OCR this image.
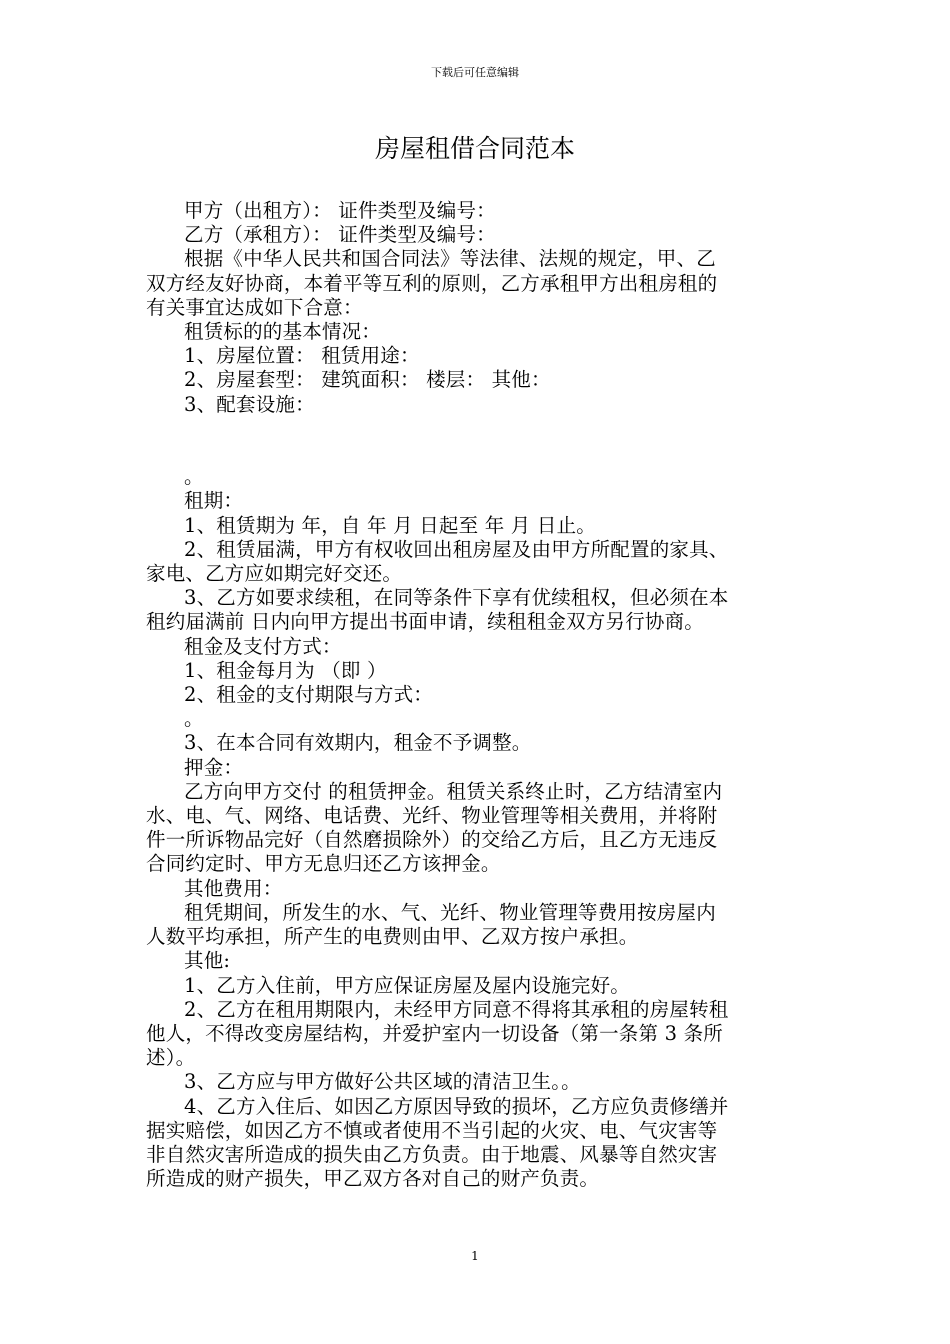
下载后可任意编辑
房屋租借合同范本

甲方（出租方）： 证件类型及编号：

乙方（承租方）： 证件类型及编号：

根据《中华人民共和国合同法》等法律、法规的规定，甲、乙

双方经友好协商，本着平等互利的原则，乙方承租甲方出租房租的

有关事宜达成如下合意：

租赁标的的基本情况：

1、房屋位置： 租赁用途：

2、房屋套型： 建筑面积： 楼层： 其他：

3、配套设施：

。

租期：

1、租赁期为 年，自 年 月 日起至 年 月 日止。

2、租赁届满，甲方有权收回出租房屋及由甲方所配置的家具、

家电、乙方应如期完好交还。

3、乙方如要求续租，在同等条件下享有优续租权，但必须在本

租约届满前 日内向甲方提出书面申请，续租租金双方另行协商。

租金及支付方式：

1、租金每月为 （即 ）

2、租金的支付期限与方式：

。

3、在本合同有效期内，租金不予调整。

押金：

乙方向甲方交付 的租赁押金。租赁关系终止时，乙方结清室内

水、电、气、网络、电话费、光纤、物业管理等相关费用，并将附

件一所诉物品完好（自然磨损除外）的交给乙方后，且乙方无违反

合同约定时、甲方无息归还乙方该押金。

其他费用：

租凭期间，所发生的水、气、光纤、物业管理等费用按房屋内

人数平均承担，所产生的电费则由甲、乙双方按户承担。

其他:

1、乙方入住前，甲方应保证房屋及屋内设施完好。

2、乙方在租用期限内，未经甲方同意不得将其承租的房屋转租

他人，不得改变房屋结构，并爱护室内一切设备（第一条第 3 条所

述）。

3、乙方应与甲方做好公共区域的清洁卫生。。

4、乙方入住后、如因乙方原因导致的损坏，乙方应负责修缮并

据实赔偿，如因乙方不慎或者使用不当引起的火灾、电、气灾害等

非自然灾害所造成的损失由乙方负责。由于地震、风暴等自然灾害

所造成的财产损失，甲乙双方各对自己的财产负责。

1
